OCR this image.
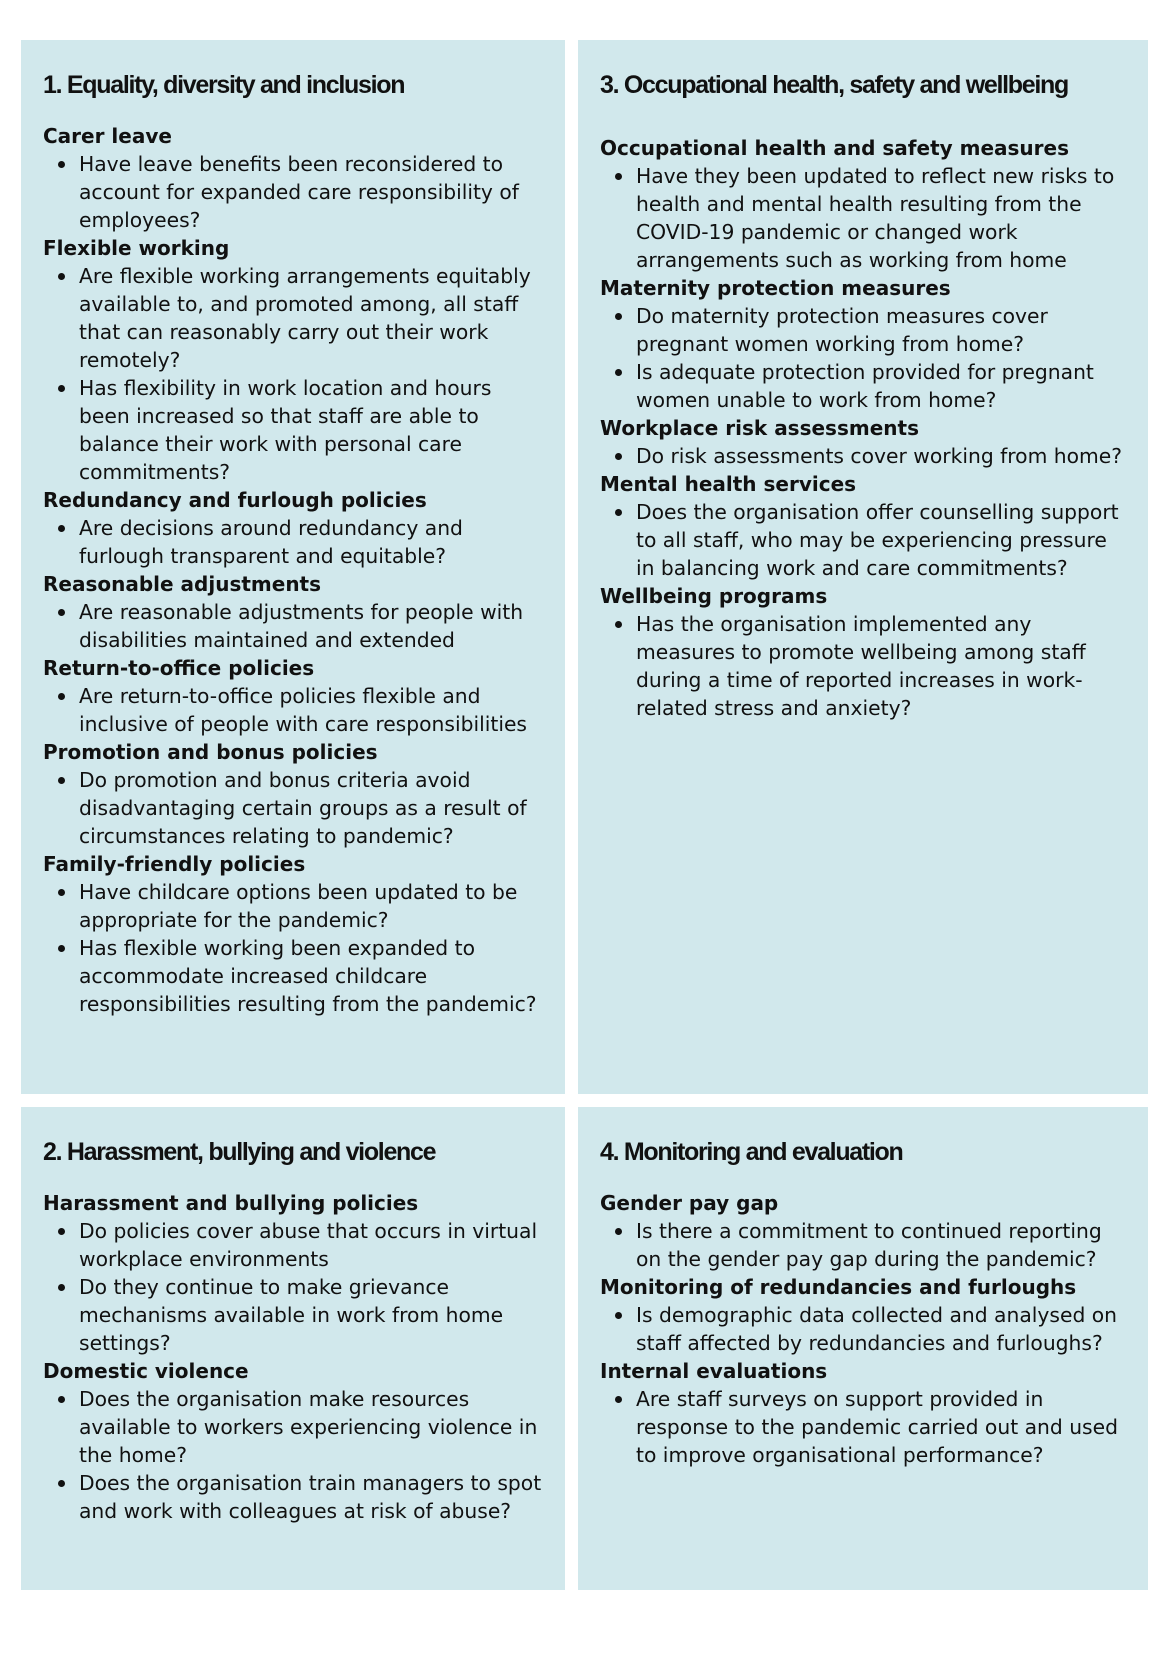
1. Equality, diversity and inclusion
Carer leave
Have leave benefits been reconsidered to account for expanded care responsibility of employees?
Flexible working
Are flexible working arrangements equitably available to, and promoted among, all staff that can reasonably carry out their work remotely?
Has flexibility in work location and hours been increased so that staff are able to balance their work with personal care commitments?
Redundancy and furlough policies
Are decisions around redundancy and furlough transparent and equitable?
Reasonable adjustments
Are reasonable adjustments for people with disabilities maintained and extended
Return-to-office policies
Are return-to-office policies flexible and inclusive of people with care responsibilities
Promotion and bonus policies
Do promotion and bonus criteria avoid disadvantaging certain groups as a result of circumstances relating to pandemic?
Family-friendly policies
Have childcare options been updated to be appropriate for the pandemic?
Has flexible working been expanded to accommodate increased childcare responsibilities resulting from the pandemic?
3. Occupational health, safety and wellbeing
Occupational health and safety measures
Have they been updated to reflect new risks to health and mental health resulting from the COVID-19 pandemic or changed work arrangements such as working from home
Maternity protection measures
Do maternity protection measures cover pregnant women working from home?
Is adequate protection provided for pregnant women unable to work from home?
Workplace risk assessments
Do risk assessments cover working from home?
Mental health services
Does the organisation offer counselling support to all staff, who may be experiencing pressure in balancing work and care commitments?
Wellbeing programs
Has the organisation implemented any measures to promote wellbeing among staff during a time of reported increases in work-related stress and anxiety?
2. Harassment, bullying and violence
Harassment and bullying policies
Do policies cover abuse that occurs in virtual workplace environments
Do they continue to make grievance mechanisms available in work from home settings?
Domestic violence
Does the organisation make resources available to workers experiencing violence in the home?
Does the organisation train managers to spot and work with colleagues at risk of abuse?
4. Monitoring and evaluation
Gender pay gap
Is there a commitment to continued reporting on the gender pay gap during the pandemic?
Monitoring of redundancies and furloughs
Is demographic data collected and analysed on staff affected by redundancies and furloughs?
Internal evaluations
Are staff surveys on support provided in response to the pandemic carried out and used to improve organisational performance?
